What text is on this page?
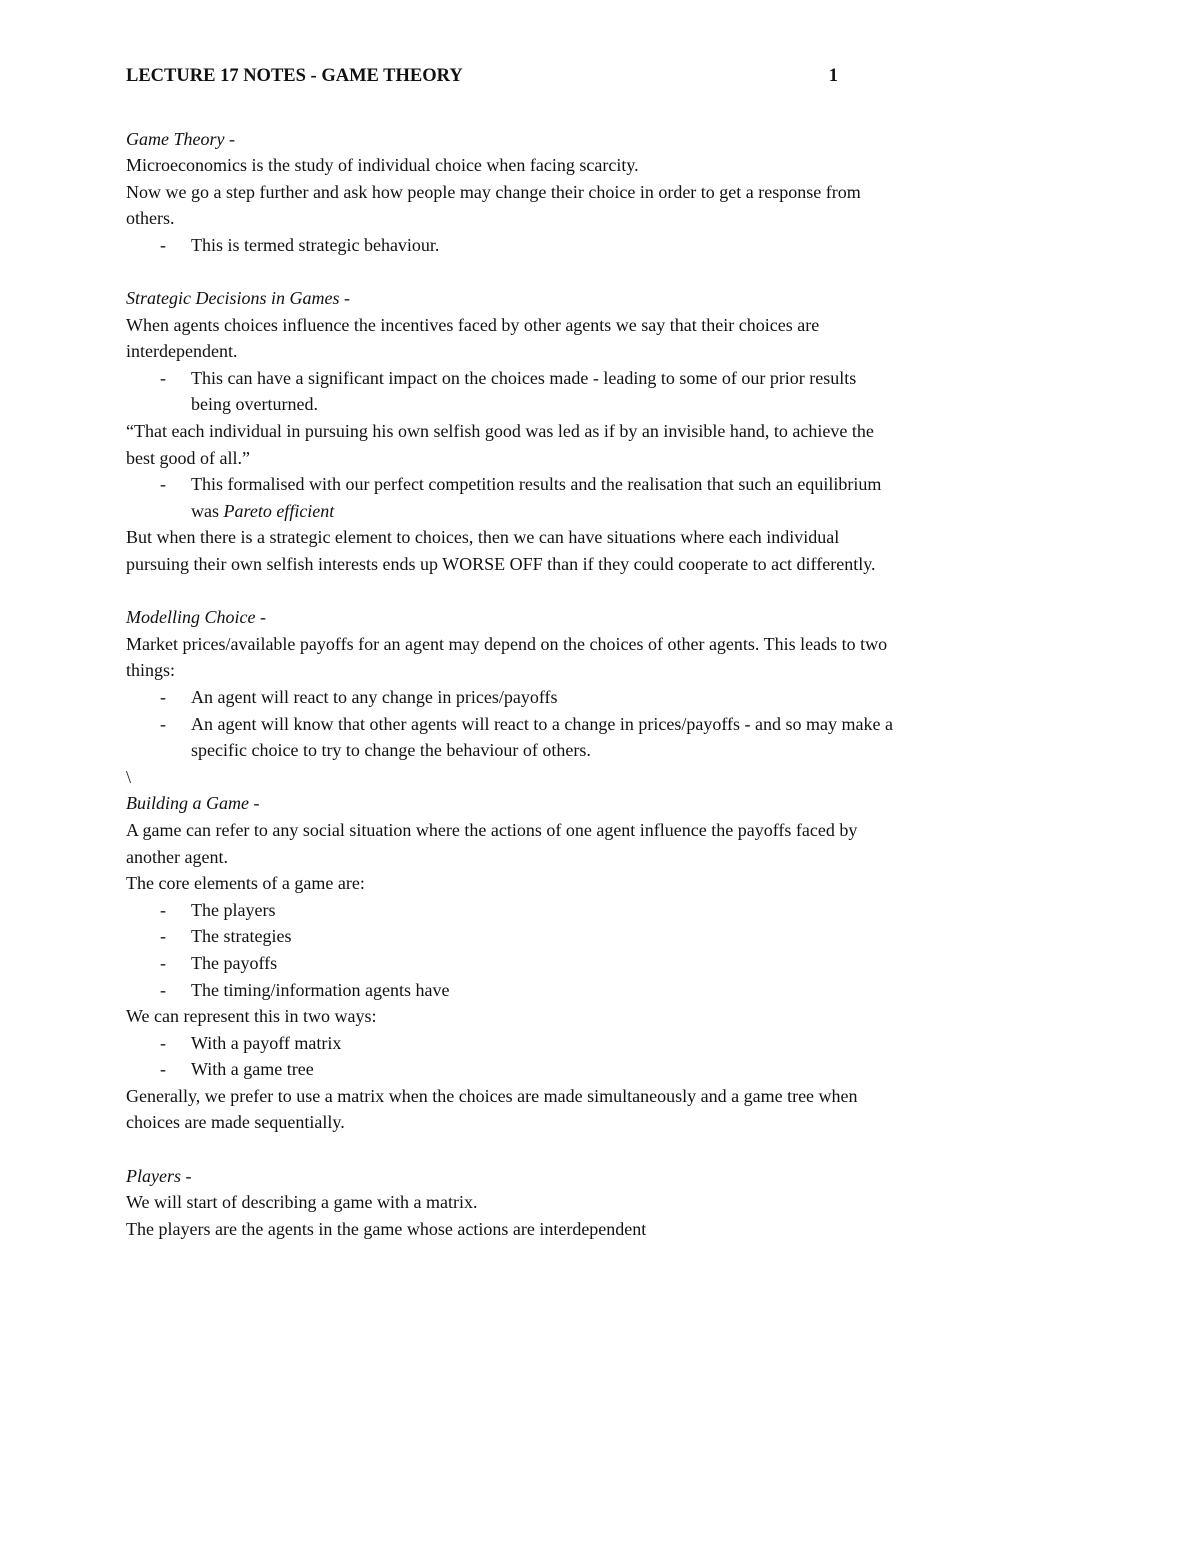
LECTURE 17 NOTES - GAME THEORY	1
Game Theory -
Microeconomics is the study of individual choice when facing scarcity.
Now we go a step further and ask how people may change their choice in order to get a response from
others.
- This is termed strategic behaviour.
Strategic Decisions in Games -
When agents choices influence the incentives faced by other agents we say that their choices are
interdependent.
- This can have a significant impact on the choices made - leading to some of our prior results
being overturned.
“That each individual in pursuing his own selfish good was led as if by an invisible hand, to achieve the
best good of all.”
- This formalised with our perfect competition results and the realisation that such an equilibrium
was Pareto efficient
But when there is a strategic element to choices, then we can have situations where each individual
pursuing their own selfish interests ends up WORSE OFF than if they could cooperate to act differently.
Modelling Choice -
Market prices/available payoffs for an agent may depend on the choices of other agents. This leads to two
things:
- An agent will react to any change in prices/payoffs
- An agent will know that other agents will react to a change in prices/payoffs - and so may make a
specific choice to try to change the behaviour of others.
\
Building a Game -
A game can refer to any social situation where the actions of one agent influence the payoffs faced by
another agent.
The core elements of a game are:
- The players
- The strategies
- The payoffs
- The timing/information agents have
We can represent this in two ways:
- With a payoff matrix
- With a game tree
Generally, we prefer to use a matrix when the choices are made simultaneously and a game tree when
choices are made sequentially.
Players -
We will start of describing a game with a matrix.
The players are the agents in the game whose actions are interdependent
